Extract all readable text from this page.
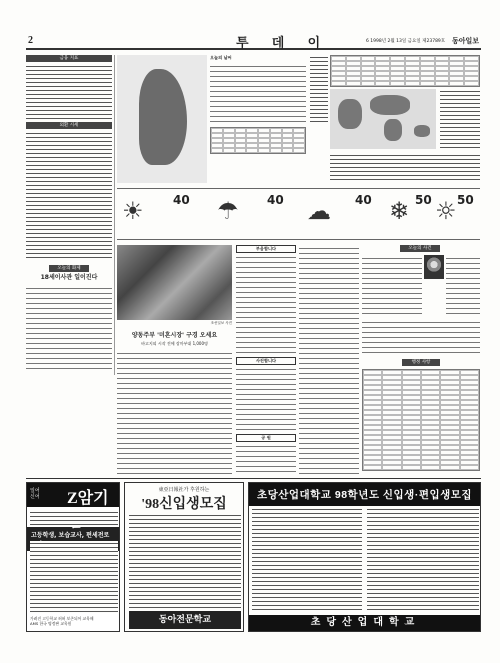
2	투 데 이	6 1998년 2월 13일 금요일 제23789호 동아일보
금융 지표
외환 시세
오늘의 화제
18세이사관 일이진다
오늘의 날씨
☀ 40 ☂ 40 ☁ 40 ❄ 50 ☼ 50
조선일보 사진
양동주부 '미혼시장' 구경 오세요
바고지띠 시작 전에 장마부대 1,000명
부음합니다
사진합니다
공 원
오늘의 사건
행정 사항
일어
신어 Z암기
고등학생, 보습교사, 편세전로
가려진 고등학교 허허 보존되어 교육해
AMS 한국 명정판 교육원
東亞日報社가 후원하는
'98신입생모집
동아전문학교
초당산업대학교 98학년도 신입생·편입생모집
초당산업대학교
